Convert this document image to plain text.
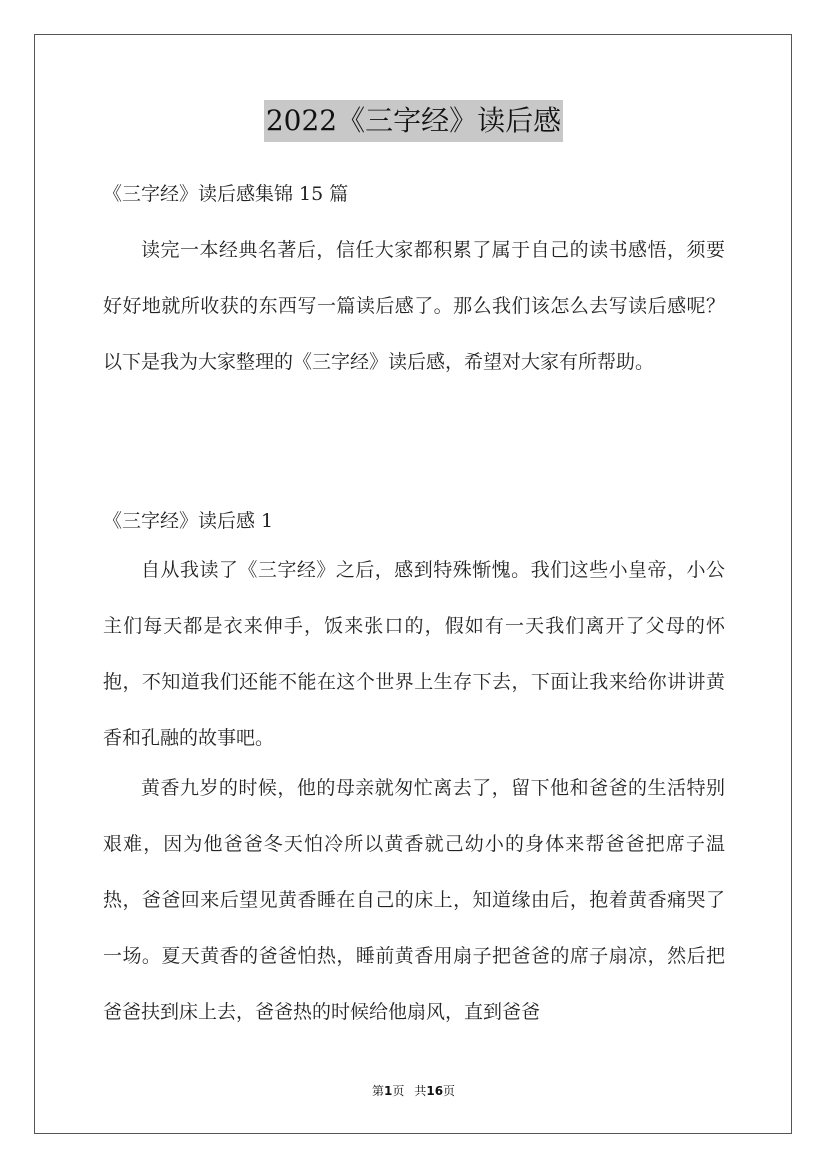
2022《三字经》读后感
《三字经》读后感集锦 15 篇

读完一本经典名著后，信任大家都积累了属于自己的读书感悟，须要好好地就所收获的东西写一篇读后感了。那么我们该怎么去写读后感呢？以下是我为大家整理的《三字经》读后感，希望对大家有所帮助。

《三字经》读后感 1

自从我读了《三字经》之后，感到特殊惭愧。我们这些小皇帝，小公主们每天都是衣来伸手，饭来张口的，假如有一天我们离开了父母的怀抱，不知道我们还能不能在这个世界上生存下去，下面让我来给你讲讲黄香和孔融的故事吧。

黄香九岁的时候，他的母亲就匆忙离去了，留下他和爸爸的生活特别艰难，因为他爸爸冬天怕冷所以黄香就己幼小的身体来帮爸爸把席子温热，爸爸回来后望见黄香睡在自己的床上，知道缘由后，抱着黄香痛哭了一场。夏天黄香的爸爸怕热，睡前黄香用扇子把爸爸的席子扇凉，然后把爸爸扶到床上去，爸爸热的时候给他扇风，直到爸爸

第1页 共16页
